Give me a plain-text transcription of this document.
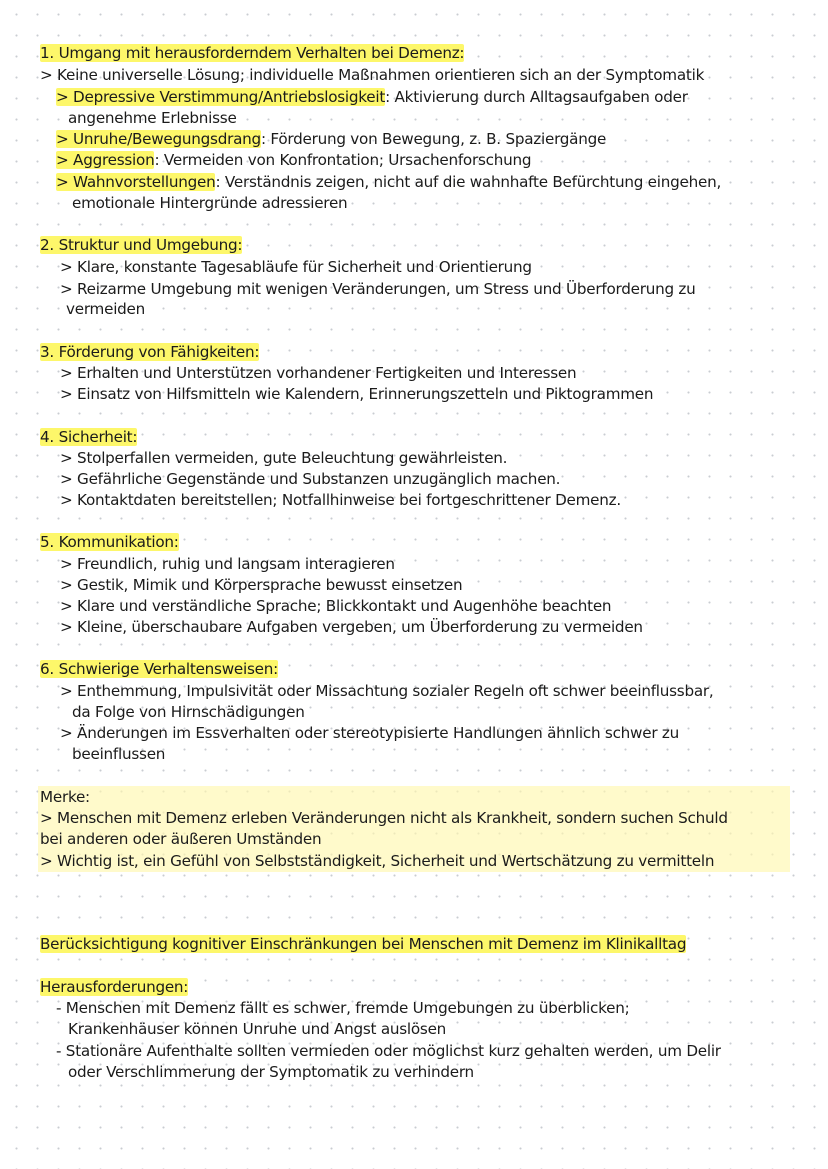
1. Umgang mit herausforderndem Verhalten bei Demenz:
> Keine universelle Lösung; individuelle Maßnahmen orientieren sich an der Symptomatik
> Depressive Verstimmung/Antriebslosigkeit: Aktivierung durch Alltagsaufgaben oder
angenehme Erlebnisse
> Unruhe/Bewegungsdrang: Förderung von Bewegung, z. B. Spaziergänge
> Aggression: Vermeiden von Konfrontation; Ursachenforschung
> Wahnvorstellungen: Verständnis zeigen, nicht auf die wahnhafte Befürchtung eingehen,
emotionale Hintergründe adressieren
2. Struktur und Umgebung:
> Klare, konstante Tagesabläufe für Sicherheit und Orientierung
> Reizarme Umgebung mit wenigen Veränderungen, um Stress und Überforderung zu
vermeiden
3. Förderung von Fähigkeiten:
> Erhalten und Unterstützen vorhandener Fertigkeiten und Interessen
> Einsatz von Hilfsmitteln wie Kalendern, Erinnerungszetteln und Piktogrammen
4. Sicherheit:
> Stolperfallen vermeiden, gute Beleuchtung gewährleisten.
> Gefährliche Gegenstände und Substanzen unzugänglich machen.
> Kontaktdaten bereitstellen; Notfallhinweise bei fortgeschrittener Demenz.
5. Kommunikation:
> Freundlich, ruhig und langsam interagieren
> Gestik, Mimik und Körpersprache bewusst einsetzen
> Klare und verständliche Sprache; Blickkontakt und Augenhöhe beachten
> Kleine, überschaubare Aufgaben vergeben, um Überforderung zu vermeiden
6. Schwierige Verhaltensweisen:
> Enthemmung, Impulsivität oder Missachtung sozialer Regeln oft schwer beeinflussbar,
da Folge von Hirnschädigungen
> Änderungen im Essverhalten oder stereotypisierte Handlungen ähnlich schwer zu
beeinflussen
Merke:
> Menschen mit Demenz erleben Veränderungen nicht als Krankheit, sondern suchen Schuld
bei anderen oder äußeren Umständen
> Wichtig ist, ein Gefühl von Selbstständigkeit, Sicherheit und Wertschätzung zu vermitteln
Berücksichtigung kognitiver Einschränkungen bei Menschen mit Demenz im Klinikalltag
Herausforderungen:
- Menschen mit Demenz fällt es schwer, fremde Umgebungen zu überblicken;
Krankenhäuser können Unruhe und Angst auslösen
- Stationäre Aufenthalte sollten vermieden oder möglichst kurz gehalten werden, um Delir
oder Verschlimmerung der Symptomatik zu verhindern
